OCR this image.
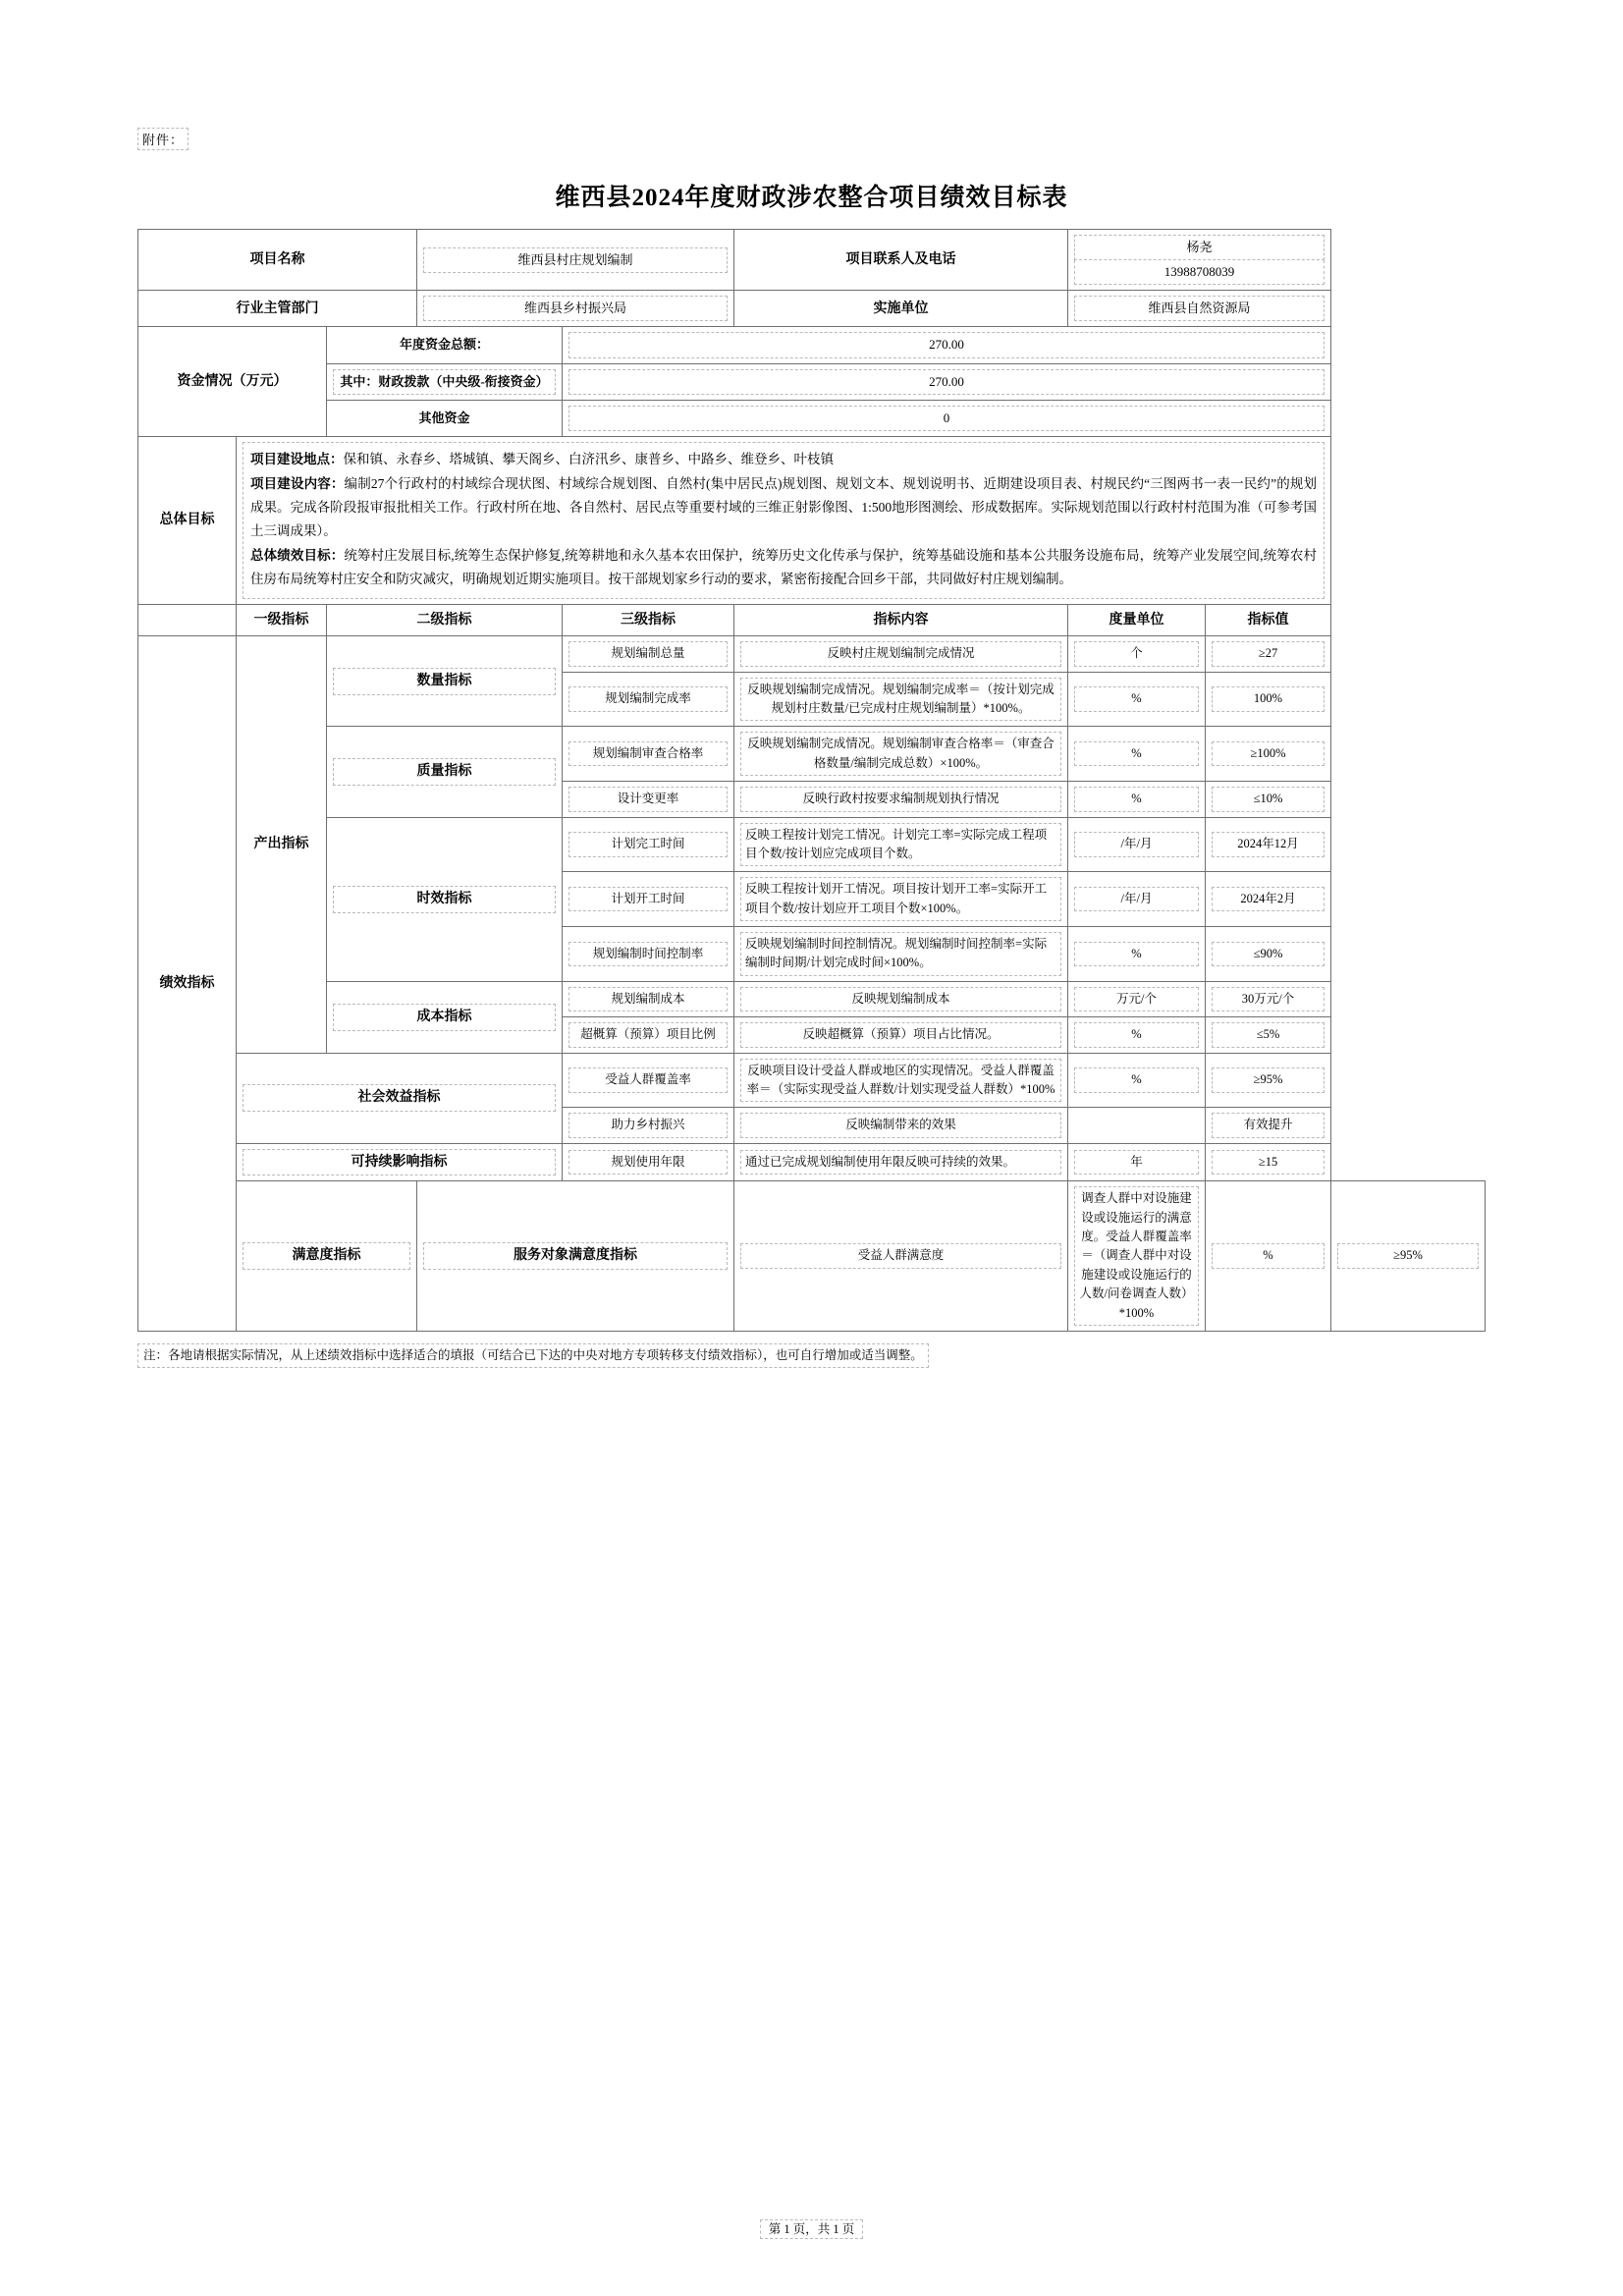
附件：
维西县2024年度财政涉农整合项目绩效目标表
项目名称			维西县村庄规划编制		项目联系人及电话	杨尧
13988708039		

行业主管部门			维西县乡村振兴局		实施单位	维西县自然资源局		

资金情况（万元）		年度资金总额：		270.00				

		其中：财政拨款（中央级-衔接资金）		270.00				

		其他资金		0				

总体目标	项目建设地点：保和镇、永春乡、塔城镇、攀天阁乡、白济汛乡、康普乡、中路乡、维登乡、叶枝镇

项目建设内容：编制27个行政村的村域综合现状图、村域综合规划图、自然村(集中居民点)规划图、规划文本、规划说明书、近期建设项目表、村规民约“三图两书一表一民约”的规划成果。完成各阶段报审报批相关工作。行政村所在地、各自然村、居民点等重要村域的三维正射影像图、1:500地形图测绘、形成数据库。实际规划范围以行政村村范围为准（可参考国土三调成果）。

总体绩效目标：统筹村庄发展目标,统筹生态保护修复,统筹耕地和永久基本农田保护，统筹历史文化传承与保护，统筹基础设施和基本公共服务设施布局，统筹产业发展空间,统筹农村住房布局统筹村庄安全和防灾减灾，明确规划近期实施项目。按干部规划家乡行动的要求，紧密衔接配合回乡干部，共同做好村庄规划编制。							

	一级指标	二级指标		三级指标	指标内容	度量单位	指标值	
绩效指标	产出指标	数量指标		规划编制总量	反映村庄规划编制完成情况	个	≥27	

				规划编制完成率	反映规划编制完成情况。规划编制完成率＝（按计划完成规划村庄数量/已完成村庄规划编制量）*100%。	%	100%	

		质量指标		规划编制审查合格率	反映规划编制完成情况。规划编制审查合格率＝（审查合格数量/编制完成总数）×100%。	%	≥100%	

				设计变更率	反映行政村按要求编制规划执行情况	%	≤10%	

		时效指标		计划完工时间	反映工程按计划完工情况。计划完工率=实际完成工程项目个数/按计划应完成项目个数。	/年/月	2024年12月	

				计划开工时间	反映工程按计划开工情况。项目按计划开工率=实际开工项目个数/按计划应开工项目个数×100%。	/年/月	2024年2月	

				规划编制时间控制率	反映规划编制时间控制情况。规划编制时间控制率=实际编制时间期/计划完成时间×100%。	%	≤90%	

		成本指标		规划编制成本	反映规划编制成本	万元/个	30万元/个	

				超概算（预算）项目比例	反映超概算（预算）项目占比情况。	%	≤5%	

	社会效益指标			受益人群覆盖率	反映项目设计受益人群或地区的实现情况。受益人群覆盖率＝（实际实现受益人群数/计划实现受益人群数）*100%	%	≥95%	

				助力乡村振兴	反映编制带来的效果		有效提升	

	可持续影响指标			规划使用年限	通过已完成规划编制使用年限反映可持续的效果。	年	≥15	

	满意度指标		服务对象满意度指标		受益人群满意度	调查人群中对设施建设或设施运行的满意度。受益人群覆盖率＝（调查人群中对设施建设或设施运行的人数/问卷调查人数）*100%	%	≥95%
注：各地请根据实际情况，从上述绩效指标中选择适合的填报（可结合已下达的中央对地方专项转移支付绩效指标），也可自行增加或适当调整。
第 1 页，共 1 页
